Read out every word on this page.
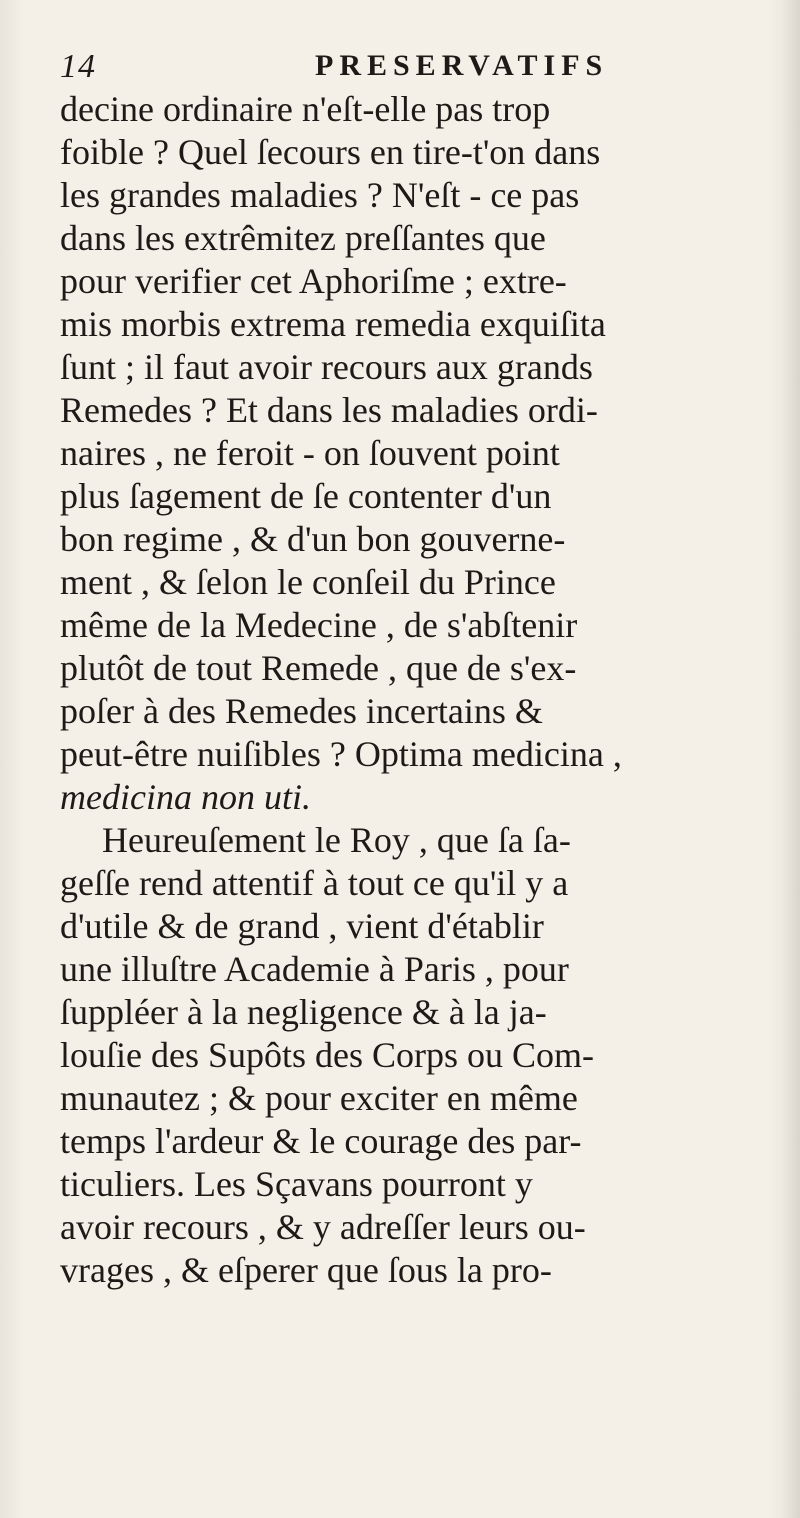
14	PRESERVATIFS
decine ordinaire n'eſt-elle pas trop
foible ? Quel ſecours en tire-t'on dans
les grandes maladies ? N'eſt - ce pas
dans les extrêmitez preſſantes que
pour verifier cet Aphoriſme ; extre-
mis morbis extrema remedia exquiſita
ſunt ; il faut avoir recours aux grands
Remedes ? Et dans les maladies ordi-
naires , ne feroit - on ſouvent point
plus ſagement de ſe contenter d'un
bon regime , & d'un bon gouverne-
ment , & ſelon le conſeil du Prince
même de la Medecine , de s'abſtenir
plutôt de tout Remede , que de s'ex-
poſer à des Remedes incertains &
peut-être nuiſibles ? Optima medicina ,
medicina non uti.
Heureuſement le Roy , que ſa ſa-
geſſe rend attentif à tout ce qu'il y a
d'utile & de grand , vient d'établir
une illuſtre Academie à Paris , pour
ſuppléer à la negligence & à la ja-
louſie des Supôts des Corps ou Com-
munautez ; & pour exciter en même
temps l'ardeur & le courage des par-
ticuliers. Les Sçavans pourront y
avoir recours , & y adreſſer leurs ou-
vrages , & eſperer que ſous la pro-
